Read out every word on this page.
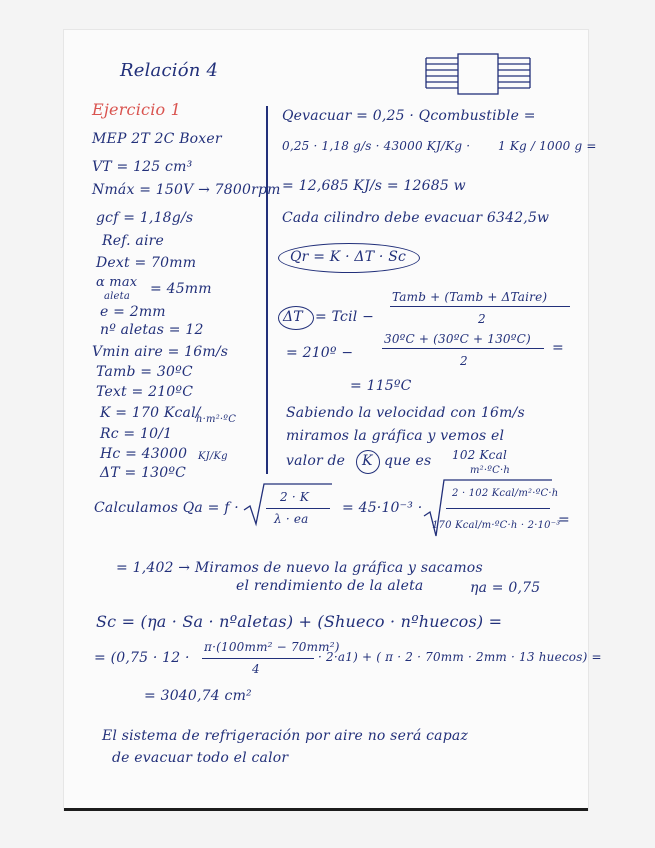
Relación 4
Ejercicio 1
MEP 2T 2C Boxer
VT = 125 cm³
Nmáx = 150V → 7800rpm
gcf = 1,18g/s
Ref. aire
Dext = 70mm
α max
aleta = 45mm
e = 2mm
nº aletas = 12
Vmin aire = 16m/s
Tamb = 30ºC
Text = 210ºC
K = 170 Kcal/
h·m²·ºC
Rc = 10/1
Hc = 43000 KJ/Kg
ΔT = 130ºC
Qevacuar = 0,25 · Qcombustible =
0,25 · 1,18 g/s · 43000 KJ/Kg · 1 Kg / 1000 g =
= 12,685 KJ/s = 12685 w
Cada cilindro debe evacuar 6342,5w
Qr = K · ΔT · Sc
ΔT = Tcil −
Tamb + (Tamb + ΔTaire)
2
= 210º −
30ºC + (30ºC + 130ºC)
2
=
= 115ºC
Sabiendo la velocidad con 16m/s
miramos la gráfica y vemos el
valor de K que es 102 Kcal
m²·ºC·h
Calculamos Qa = f ·
2 · K
λ · ea
= 45·10⁻³ ·
2 · 102 Kcal/m²·ºC·h
170 Kcal/m·ºC·h · 2·10⁻³
=
= 1,402 → Miramos de nuevo la gráfica y sacamos
el rendimiento de la aleta	ηa = 0,75
Sc = (ηa · Sa · nºaletas) + (Shueco · nºhuecos) =
= (0,75 · 12 ·
π·(100mm² − 70mm²)
4
· 2·a1) + ( π · 2 · 70mm · 2mm · 13 huecos) =
= 3040,74 cm²
El sistema de refrigeración por aire no será capaz
de evacuar todo el calor
